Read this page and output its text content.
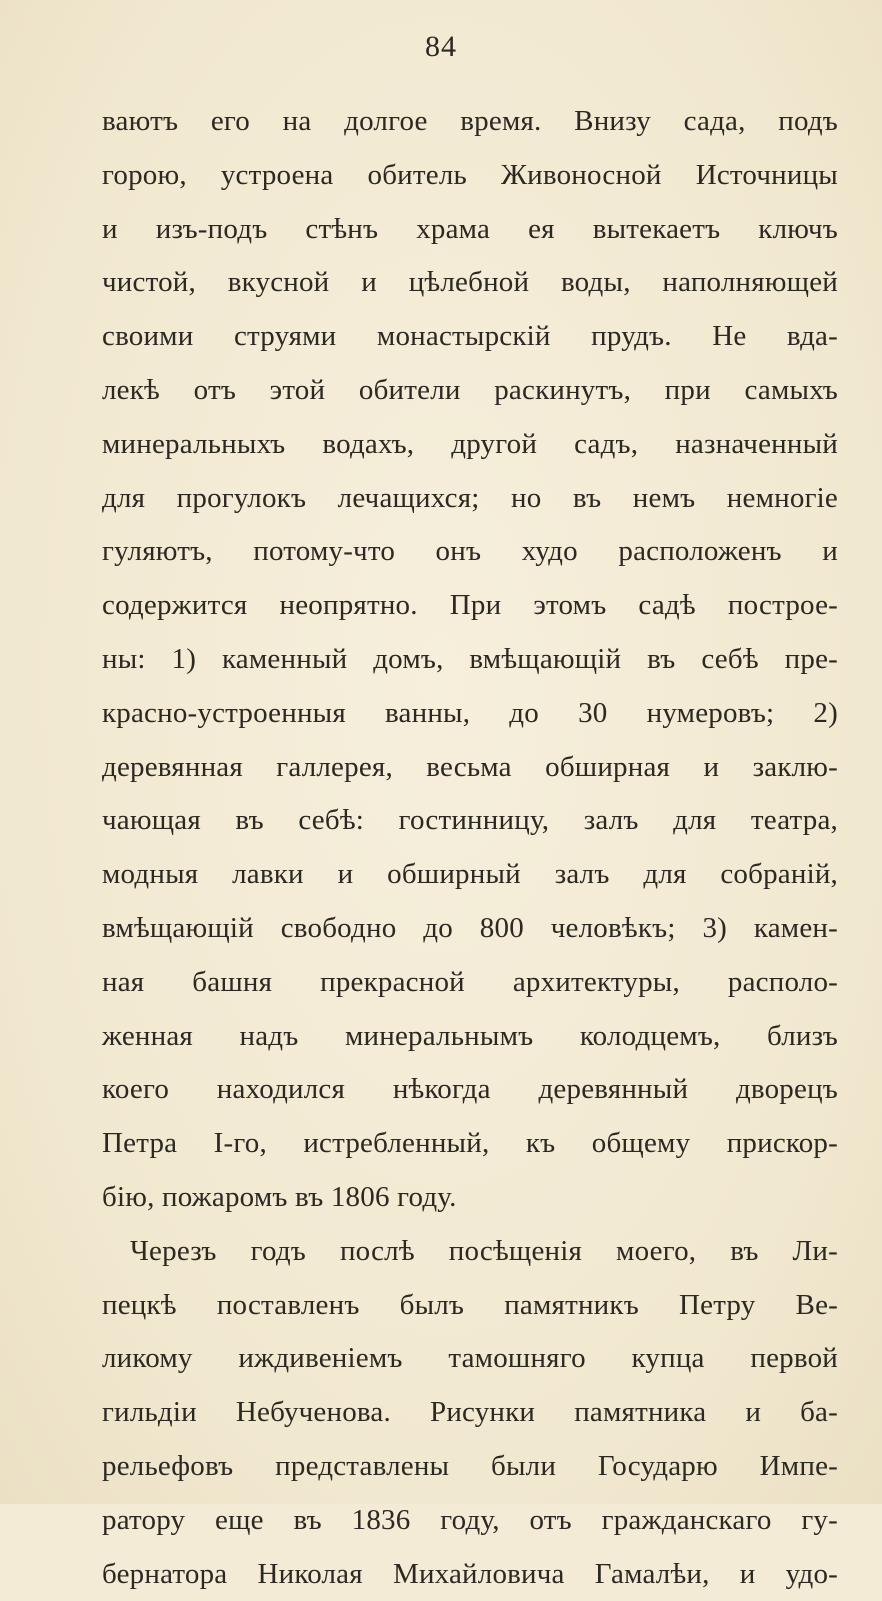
84
ваютъ его на долгое время. Внизу сада, подъ
горою, устроена обитель Живоносной Источницы
и изъ-подъ стѣнъ храма ея вытекаетъ ключъ
чистой, вкусной и цѣлебной воды, наполняющей
своими струями монастырскій прудъ. Не вда-
лекѣ отъ этой обители раскинутъ, при самыхъ
минеральныхъ водахъ, другой садъ, назначенный
для прогулокъ лечащихся; но въ немъ немногіе
гуляютъ, потому-что онъ худо расположенъ и
содержится неопрятно. При этомъ садѣ построе-
ны: 1) каменный домъ, вмѣщающій въ себѣ пре-
красно-устроенныя ванны, до 30 нумеровъ; 2)
деревянная галлерея, весьма обширная и заклю-
чающая въ себѣ: гостинницу, залъ для театра,
модныя лавки и обширный залъ для собраній,
вмѣщающій свободно до 800 человѣкъ; 3) камен-
ная башня прекрасной архитектуры, располо-
женная надъ минеральнымъ колодцемъ, близъ
коего находился нѣкогда деревянный дворецъ
Петра I-го, истребленный, къ общему прискор-
бію, пожаромъ въ 1806 году.
Черезъ годъ послѣ посѣщенія моего, въ Ли-
пецкѣ поставленъ былъ памятникъ Петру Ве-
ликому иждивеніемъ тамошняго купца первой
гильдіи Небученова. Рисунки памятника и ба-
рельефовъ представлены были Государю Импе-
ратору еще въ 1836 году, отъ гражданскаго гу-
бернатора Николая Михайловича Гамалѣи, и удо-
